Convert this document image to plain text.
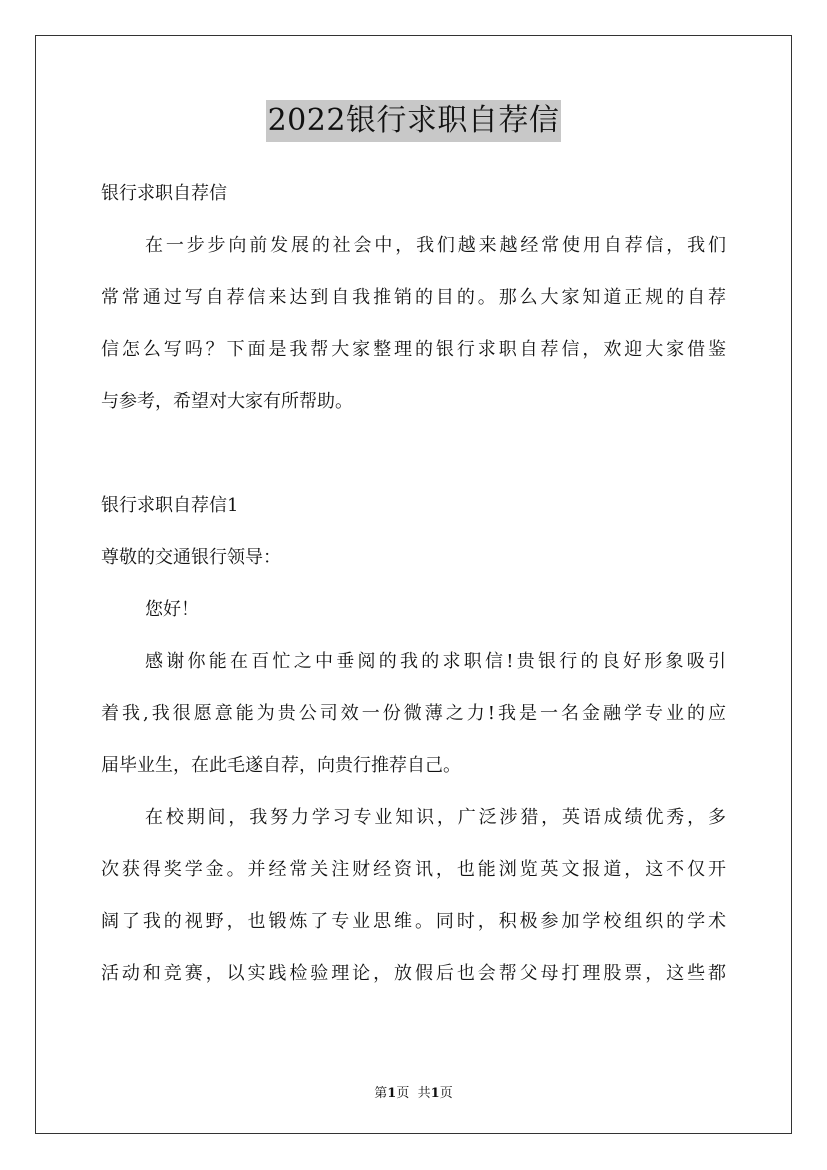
2022银行求职自荐信
银行求职自荐信
在一步步向前发展的社会中，我们越来越经常使用自荐信，我们
常常通过写自荐信来达到自我推销的目的。那么大家知道正规的自荐
信怎么写吗？下面是我帮大家整理的银行求职自荐信，欢迎大家借鉴
与参考，希望对大家有所帮助。
银行求职自荐信1
尊敬的交通银行领导：
您好！
感谢你能在百忙之中垂阅的我的求职信!贵银行的良好形象吸引
着我,我很愿意能为贵公司效一份微薄之力!我是一名金融学专业的应
届毕业生，在此毛遂自荐，向贵行推荐自己。
在校期间，我努力学习专业知识，广泛涉猎，英语成绩优秀，多
次获得奖学金。并经常关注财经资讯，也能浏览英文报道，这不仅开
阔了我的视野，也锻炼了专业思维。同时，积极参加学校组织的学术
活动和竞赛，以实践检验理论，放假后也会帮父母打理股票，这些都
第1页 共1页
